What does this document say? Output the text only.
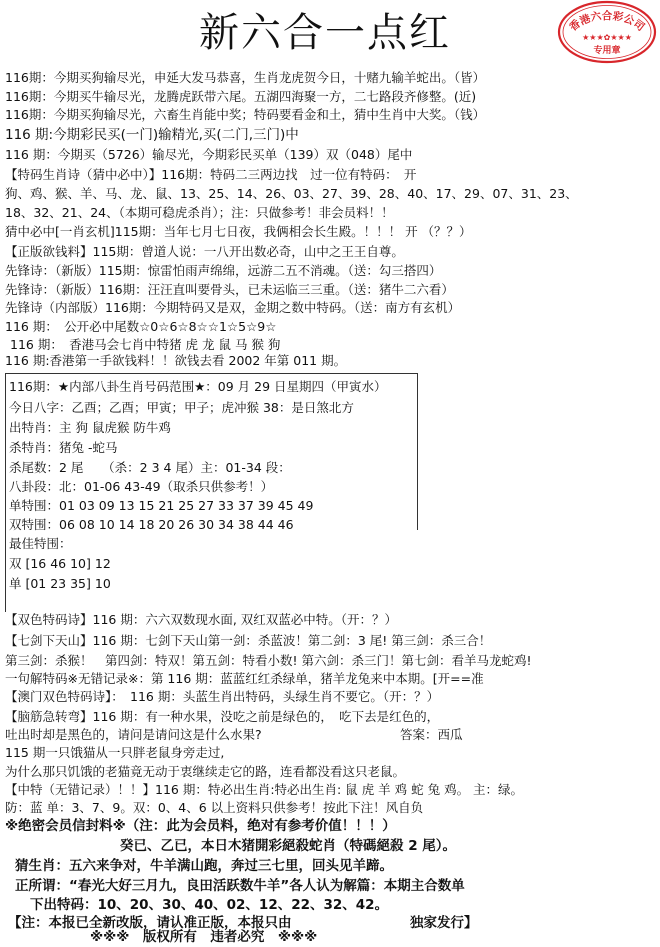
新六合一点红	香港六合彩公司
★★★✿★★★
专用章
116期：今期买狗输尽光，申延大发马恭喜，生肖龙虎贺今日，十赌九输羊蛇出。（皆）
116期：今期买牛输尽光，龙腾虎跃带六尾。五湖四海聚一方，二七路段齐修整。(近)
116期：今期买狗输尽光，六畜生肖能中奖；特码要看金和土，猜中生肖中大奖。（钱）
116 期:今期彩民买(一门)输精光,买(二门,三门)中
116 期：今期买（5726）输尽光，今期彩民买单（139）双（048）尾中
【特码生肖诗（猜中必中）】116期：特码二三两边找　过一位有特码：　开
狗、鸡、猴、羊、马、龙、鼠、13、25、14、26、03、27、39、28、40、17、29、07、31、23、
18、32、21、24、（本期可稳虎杀肖）；注：只做参考！非会员料！！
猜中必中[一肖玄机]115期：当年七月七日夜，我俩相会长生殿。！！！ 开 （？？）
【正版欲钱料】115期：曾道人说：一八开出数必奇，山中之王王自尊。
先锋诗：（新版）115期：惊雷怕雨声绵绵，远游二五不消魂。（送：勾三搭四）
先锋诗：（新版）116期：汪汪直叫要骨头，已未运临三三重。（送：猪牛二六看）
先锋诗（内部版）116期：今期特码又是双，金期之数中特码。（送：南方有玄机）
116 期：　公开必中尾数☆0☆6☆8☆☆1☆5☆9☆
116 期：　香港马会七肖中特猪 虎 龙 鼠 马 猴 狗
116 期:香港第一手欲钱料！！欲钱去看 2002 年第 011 期。
116期：★内部八卦生肖号码范围★：09 月 29 日星期四（甲寅水）
今日八字：乙酉；乙酉；甲寅；甲子；虎冲猴 38：是日煞北方
出特肖：主 狗 鼠虎猴 防牛鸡
杀特肖：猪兔 -蛇马
杀尾数：2 尾　　（杀：2 3 4 尾）主：01-34 段：
八卦段：北：01-06 43-49（取杀只供参考！）
单特围：01 03 09 13 15 21 25 27 33 37 39 45 49
双特围：06 08 10 14 18 20 26 30 34 38 44 46
最佳特围：
双 [16 46 10] 12
单 [01 23 35] 10
【双色特码诗】116 期：六六双数现水面, 双红双蓝必中特。（开：？）
【七剑下天山】116 期：七剑下天山第一剑：杀蓝波！第二剑：3 尾! 第三剑：杀三合！
第三剑：杀猴！　第四剑：特双！第五剑：特看小数! 第六剑：杀三门！第七剑：看羊马龙蛇鸡!
一句解特码※无错记录※：第 116 期：蓝蓝红红杀绿单，猪羊龙兔来中本期。[开==准
【澳门双色特码诗】：　116 期：头蓝生肖出特码，头绿生肖不要它。（开：？）
【脑筋急转弯】116 期：有一种水果，没吃之前是绿色的，　吃下去是红色的，
吐出时却是黑色的，请问是请问这是什么水果?	答案：西瓜
115 期一只饿猫从一只胖老鼠身旁走过,
为什么那只饥饿的老猫竟无动于衷继续走它的路，连看都没看这只老鼠。
【中特（无错记录）！！】116 期：特必出生肖:特必出生肖: 鼠 虎 羊 鸡 蛇 兔 鸡。 主：绿。
防：蓝 单：3、7、9。双：0、4、6 以上资料只供参考！按此下注！风自负
※绝密会员信封料※（注：此为会员料，绝对有参考价值！！！）
癸已、乙已，本日木猪開彩絕殺蛇肖（特碼絕殺 2 尾）。
猜生肖：五六来争对，牛羊满山跑，奔过三七里，回头见羊蹄。
正所谓：“春光大好三月九，良田活跃数牛羊”各人认为解篇：本期主合数单
下出特码：10、20、30、40、02、12、22、32、42。
【注：本报已全新改版，请认准正版，本报只由	独家发行】
※※※　版权所有　违者必究　※※※
